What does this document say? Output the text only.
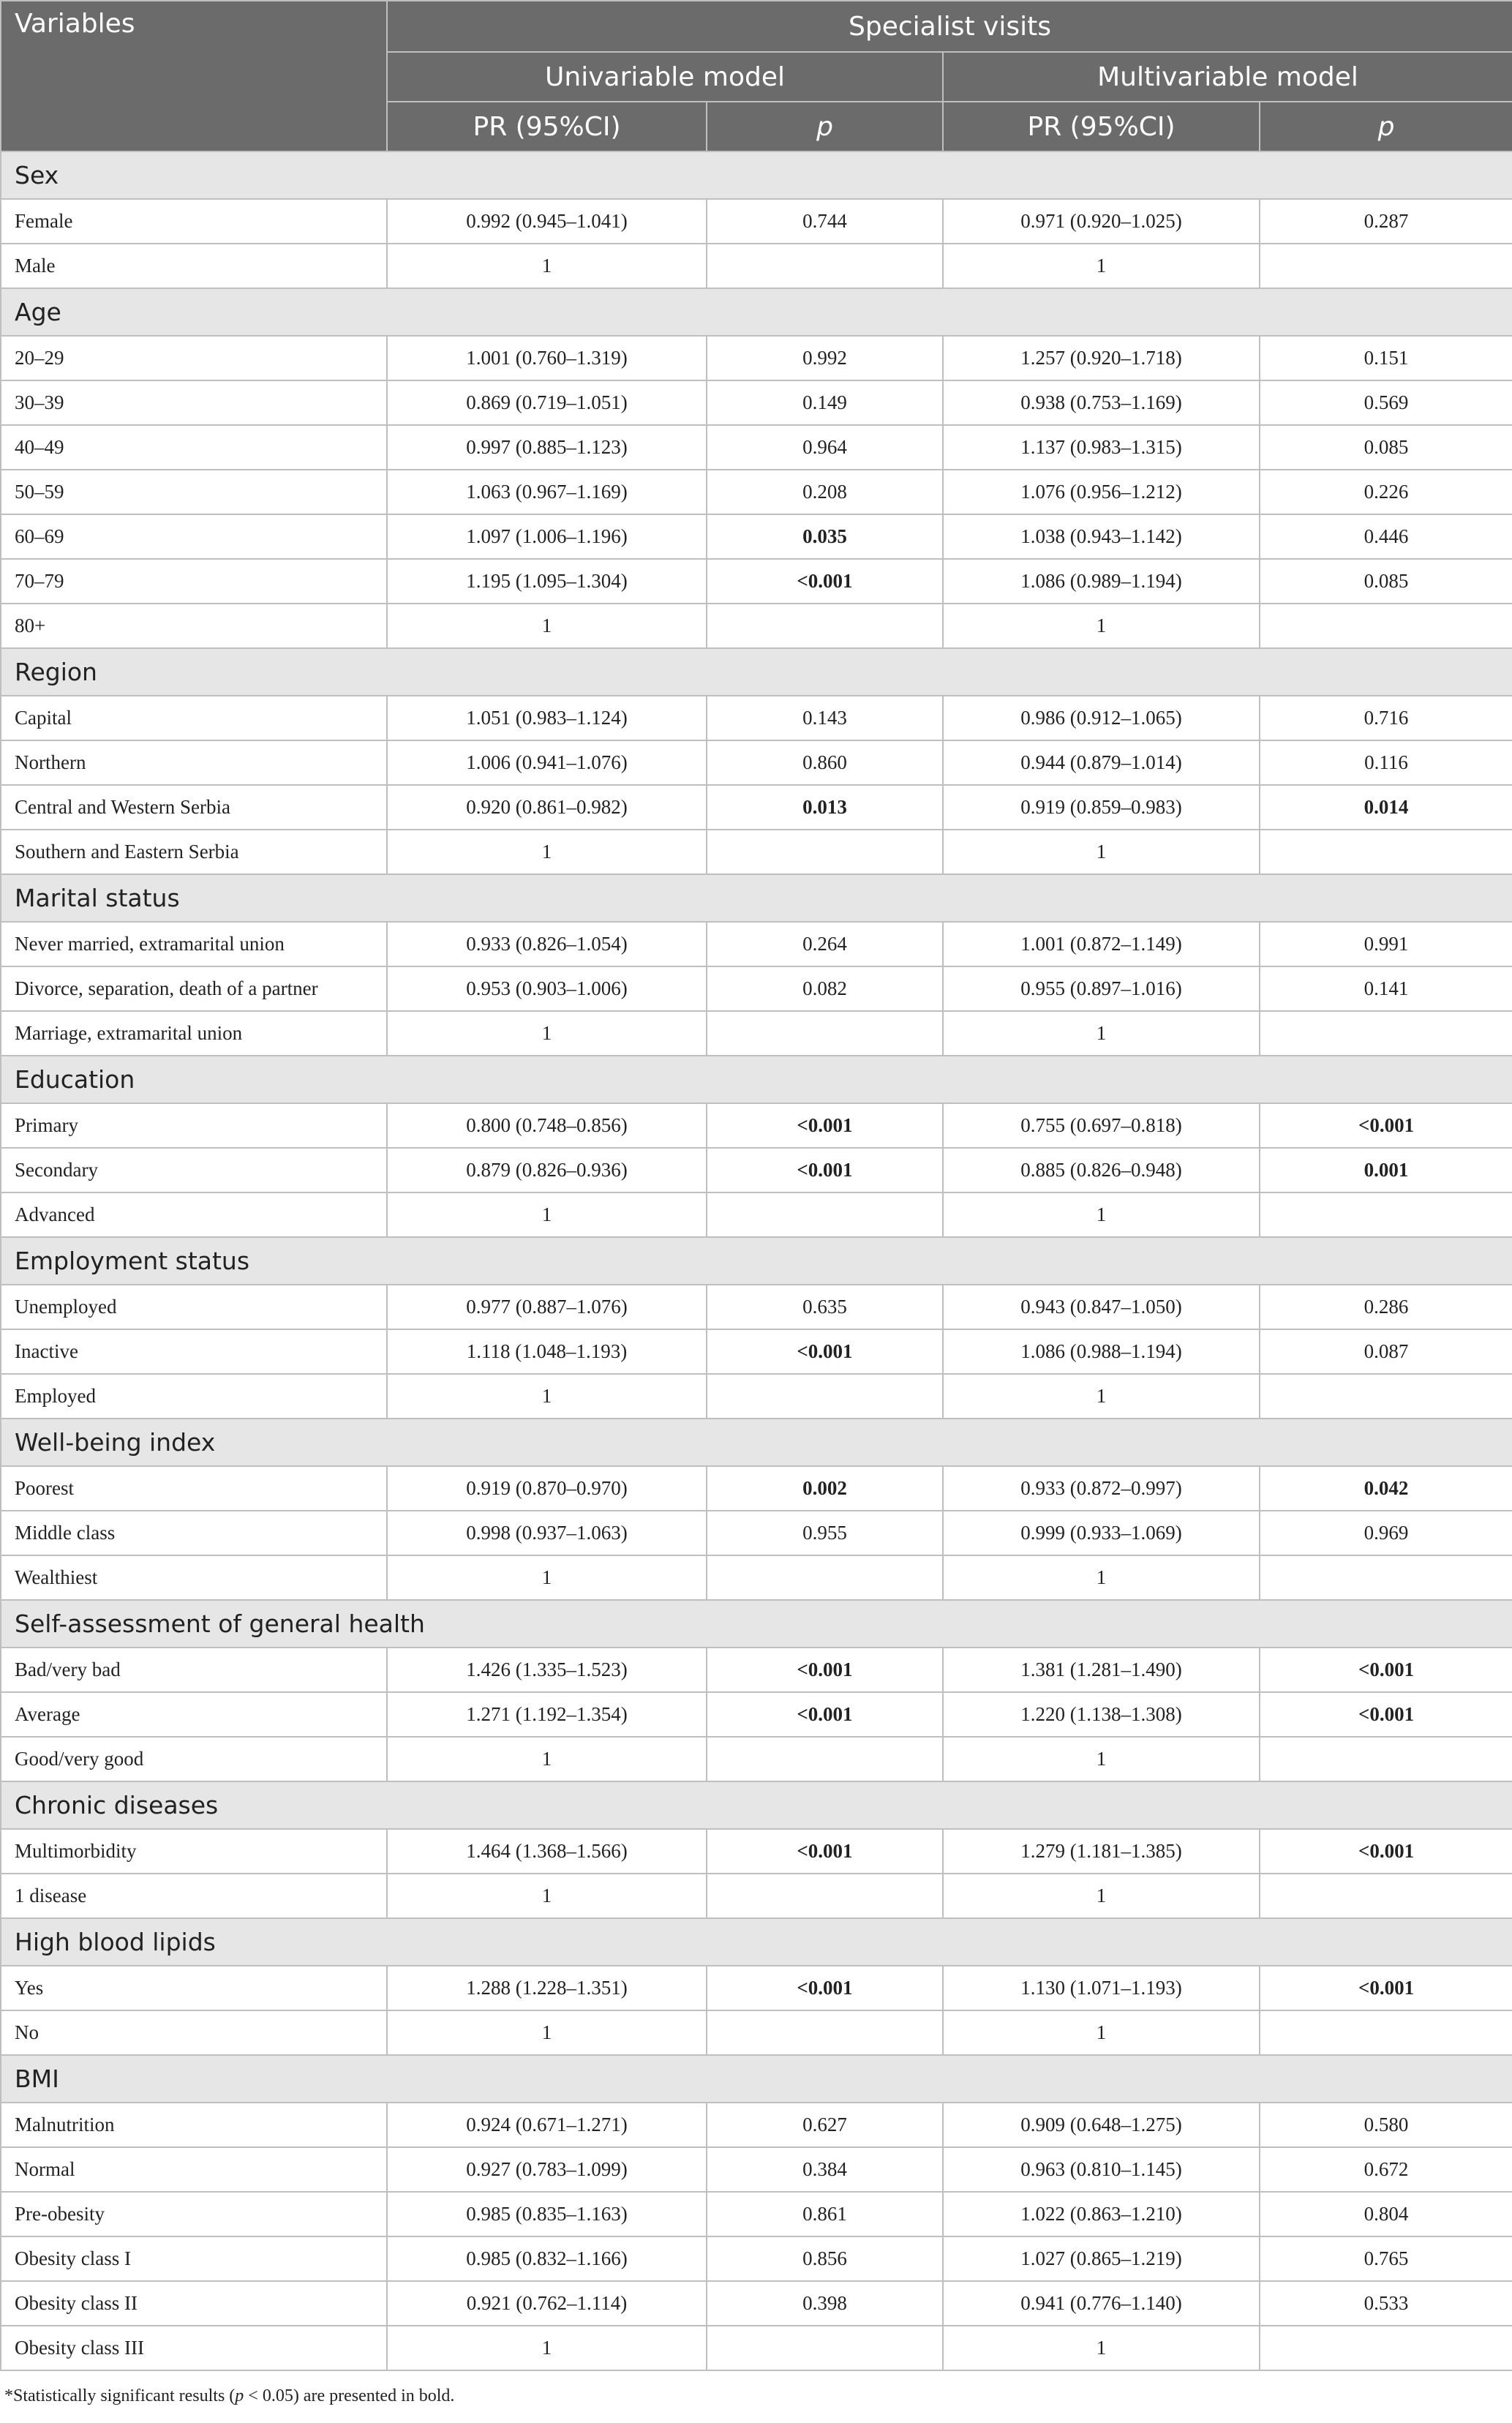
Variables	Specialist visits			
	Univariable model		Multivariable model	
	PR (95%CI)	p	PR (95%CI)	p
Sex				
Female	0.992 (0.945–1.041)	0.744	0.971 (0.920–1.025)	0.287
Male	1		1	
Age				
20–29	1.001 (0.760–1.319)	0.992	1.257 (0.920–1.718)	0.151
30–39	0.869 (0.719–1.051)	0.149	0.938 (0.753–1.169)	0.569
40–49	0.997 (0.885–1.123)	0.964	1.137 (0.983–1.315)	0.085
50–59	1.063 (0.967–1.169)	0.208	1.076 (0.956–1.212)	0.226
60–69	1.097 (1.006–1.196)	0.035	1.038 (0.943–1.142)	0.446
70–79	1.195 (1.095–1.304)	<0.001	1.086 (0.989–1.194)	0.085
80+	1		1	
Region				
Capital	1.051 (0.983–1.124)	0.143	0.986 (0.912–1.065)	0.716
Northern	1.006 (0.941–1.076)	0.860	0.944 (0.879–1.014)	0.116
Central and Western Serbia	0.920 (0.861–0.982)	0.013	0.919 (0.859–0.983)	0.014
Southern and Eastern Serbia	1		1	
Marital status				
Never married, extramarital union	0.933 (0.826–1.054)	0.264	1.001 (0.872–1.149)	0.991
Divorce, separation, death of a partner	0.953 (0.903–1.006)	0.082	0.955 (0.897–1.016)	0.141
Marriage, extramarital union	1		1	
Education				
Primary	0.800 (0.748–0.856)	<0.001	0.755 (0.697–0.818)	<0.001
Secondary	0.879 (0.826–0.936)	<0.001	0.885 (0.826–0.948)	0.001
Advanced	1		1	
Employment status				
Unemployed	0.977 (0.887–1.076)	0.635	0.943 (0.847–1.050)	0.286
Inactive	1.118 (1.048–1.193)	<0.001	1.086 (0.988–1.194)	0.087
Employed	1		1	
Well-being index				
Poorest	0.919 (0.870–0.970)	0.002	0.933 (0.872–0.997)	0.042
Middle class	0.998 (0.937–1.063)	0.955	0.999 (0.933–1.069)	0.969
Wealthiest	1		1	
Self-assessment of general health				
Bad/very bad	1.426 (1.335–1.523)	<0.001	1.381 (1.281–1.490)	<0.001
Average	1.271 (1.192–1.354)	<0.001	1.220 (1.138–1.308)	<0.001
Good/very good	1		1	
Chronic diseases				
Multimorbidity	1.464 (1.368–1.566)	<0.001	1.279 (1.181–1.385)	<0.001
1 disease	1		1	
High blood lipids				
Yes	1.288 (1.228–1.351)	<0.001	1.130 (1.071–1.193)	<0.001
No	1		1	
BMI				
Malnutrition	0.924 (0.671–1.271)	0.627	0.909 (0.648–1.275)	0.580
Normal	0.927 (0.783–1.099)	0.384	0.963 (0.810–1.145)	0.672
Pre-obesity	0.985 (0.835–1.163)	0.861	1.022 (0.863–1.210)	0.804
Obesity class I	0.985 (0.832–1.166)	0.856	1.027 (0.865–1.219)	0.765
Obesity class II	0.921 (0.762–1.114)	0.398	0.941 (0.776–1.140)	0.533
Obesity class III	1		1	
*Statistically significant results (p < 0.05) are presented in bold.
